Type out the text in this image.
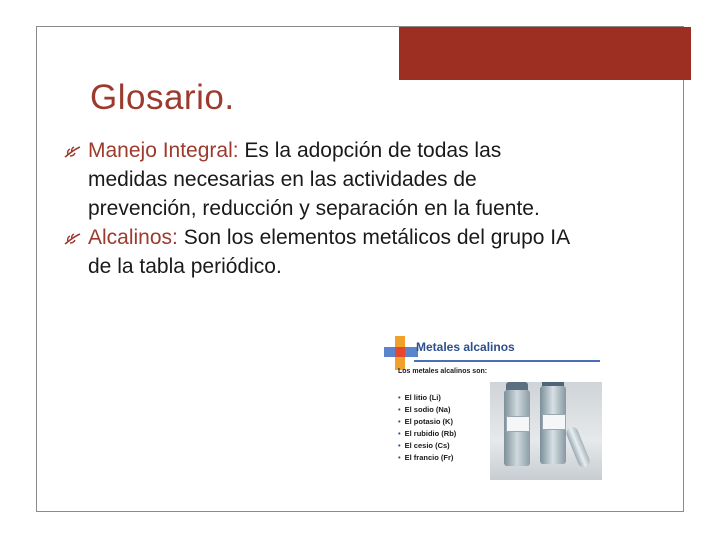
Glosario.
Manejo Integral: Es la adopción de todas las
medidas necesarias en las actividades de
prevención, reducción y separación en la fuente.
Alcalinos: Son los elementos metálicos del grupo IA
de la tabla periódico.
Metales alcalinos
Los metales alcalinos son:
• El litio (Li)
• El sodio (Na)
• El potasio (K)
• El rubidio (Rb)
• El cesio (Cs)
• El francio (Fr)
